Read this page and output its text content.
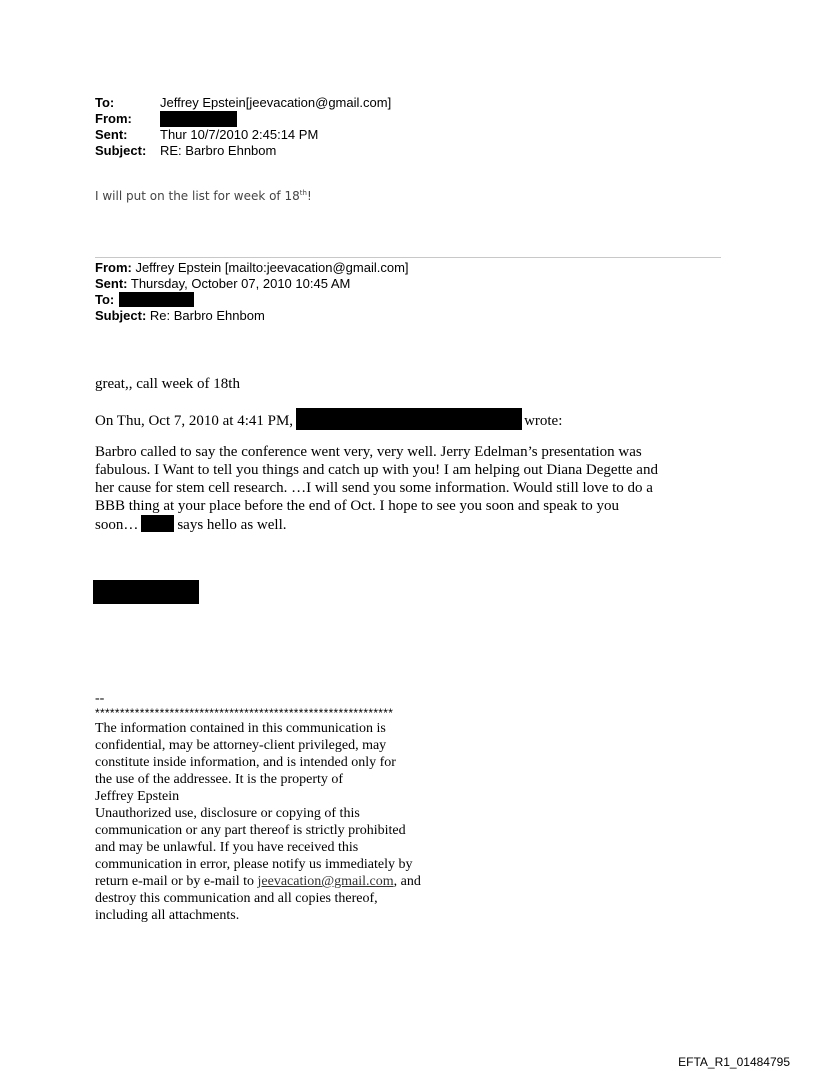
To:	Jeffrey Epstein[jeevacation@gmail.com]
From:
Sent:	Thur 10/7/2010 2:45:14 PM
Subject:	RE: Barbro Ehnbom
I will put on the list for week of 18th!
From: Jeffrey Epstein [mailto:jeevacation@gmail.com]
Sent: Thursday, October 07, 2010 10:45 AM
To:
Subject: Re: Barbro Ehnbom
great,, call week of 18th
On Thu, Oct 7, 2010 at 4:41 PM,	wrote:
Barbro called to say the conference went very, very well. Jerry Edelman’s presentation was
fabulous. I Want to tell you things and catch up with you! I am helping out Diana Degette and
her cause for stem cell research. …I will send you some information. Would still love to do a
BBB thing at your place before the end of Oct. I hope to see you soon and speak to you
soon…	says hello as well.
--
************************************************************
The information contained in this communication is
confidential, may be attorney-client privileged, may
constitute inside information, and is intended only for
the use of the addressee. It is the property of
Jeffrey Epstein
Unauthorized use, disclosure or copying of this
communication or any part thereof is strictly prohibited
and may be unlawful. If you have received this
communication in error, please notify us immediately by
return e-mail or by e-mail to jeevacation@gmail.com, and
destroy this communication and all copies thereof,
including all attachments.
EFTA_R1_01484795
